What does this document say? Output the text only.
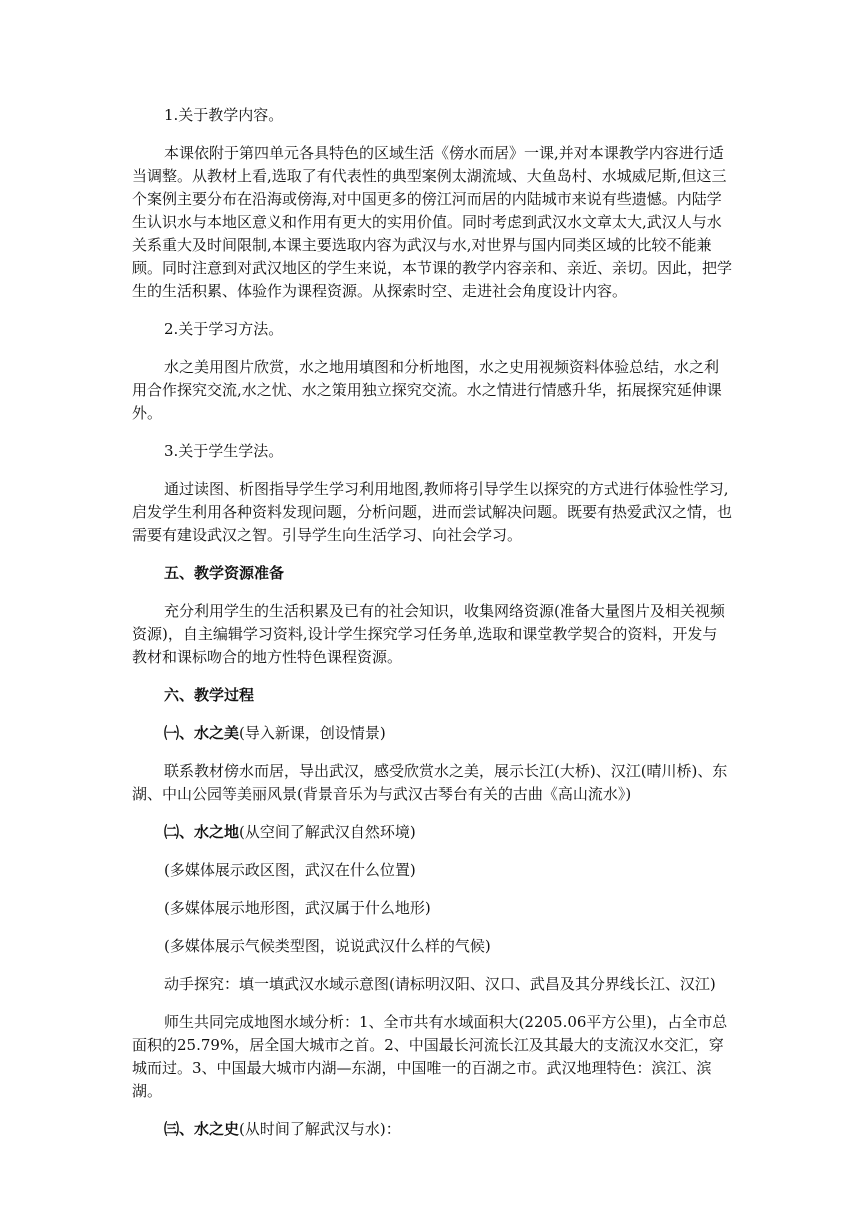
1.关于教学内容。

本课依附于第四单元各具特色的区域生活《傍水而居》一课,并对本课教学内容进行适当调整。从教材上看,选取了有代表性的典型案例太湖流域、大鱼岛村、水城威尼斯,但这三个案例主要分布在沿海或傍海,对中国更多的傍江河而居的内陆城市来说有些遗憾。内陆学生认识水与本地区意义和作用有更大的实用价值。同时考虑到武汉水文章太大,武汉人与水关系重大及时间限制,本课主要选取内容为武汉与水,对世界与国内同类区域的比较不能兼顾。同时注意到对武汉地区的学生来说，本节课的教学内容亲和、亲近、亲切。因此，把学生的生活积累、体验作为课程资源。从探索时空、走进社会角度设计内容。

2.关于学习方法。

水之美用图片欣赏，水之地用填图和分析地图，水之史用视频资料体验总结，水之利用合作探究交流,水之忧、水之策用独立探究交流。水之情进行情感升华，拓展探究延伸课外。

3.关于学生学法。

通过读图、析图指导学生学习利用地图,教师将引导学生以探究的方式进行体验性学习,启发学生利用各种资料发现问题，分析问题，进而尝试解决问题。既要有热爱武汉之情，也需要有建设武汉之智。引导学生向生活学习、向社会学习。

五、教学资源准备

充分利用学生的生活积累及已有的社会知识，收集网络资源(准备大量图片及相关视频资源)，自主编辑学习资料,设计学生探究学习任务单,选取和课堂教学契合的资料，开发与教材和课标吻合的地方性特色课程资源。

六、教学过程

㈠、水之美(导入新课，创设情景)

联系教材傍水而居，导出武汉，感受欣赏水之美，展示长江(大桥)、汉江(晴川桥)、东湖、中山公园等美丽风景(背景音乐为与武汉古琴台有关的古曲《高山流水》)

㈡、水之地(从空间了解武汉自然环境)

(多媒体展示政区图，武汉在什么位置)

(多媒体展示地形图，武汉属于什么地形)

(多媒体展示气候类型图，说说武汉什么样的气候)

动手探究：填一填武汉水域示意图(请标明汉阳、汉口、武昌及其分界线长江、汉江)

师生共同完成地图水域分析：1、全市共有水域面积大(2205.06平方公里)，占全市总面积的25.79%，居全国大城市之首。2、中国最长河流长江及其最大的支流汉水交汇，穿城而过。3、中国最大城市内湖—东湖，中国唯一的百湖之市。武汉地理特色：滨江、滨湖。

㈢、水之史(从时间了解武汉与水)：
